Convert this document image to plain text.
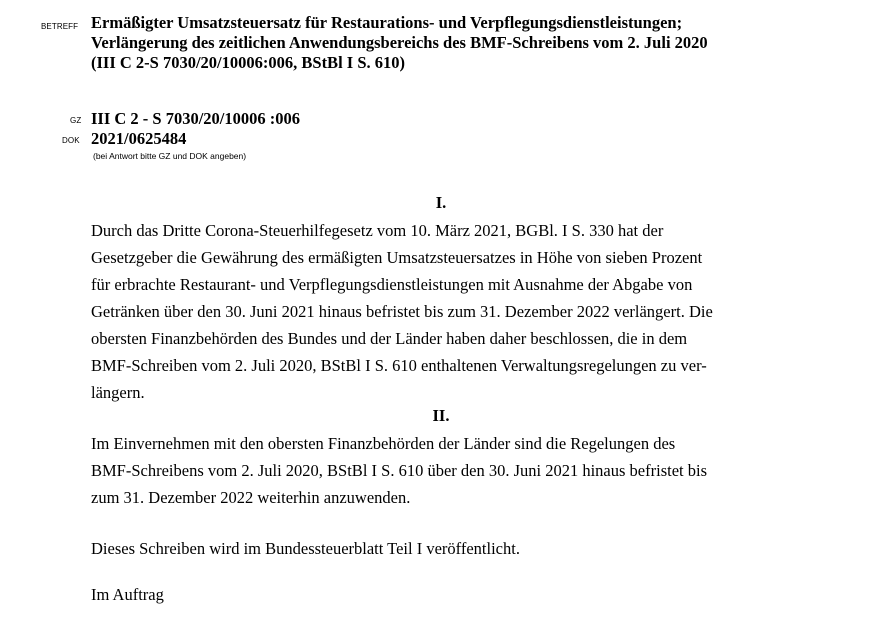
BETREFF Ermäßigter Umsatzsteuersatz für Restaurations- und Verpflegungsdienstleistungen;
Verlängerung des zeitlichen Anwendungsbereichs des BMF-Schreibens vom 2. Juli 2020
(III C 2-S 7030/20/10006:006, BStBl I S. 610)
GZ III C 2 - S 7030/20/10006 :006
DOK 2021/0625484
(bei Antwort bitte GZ und DOK angeben)
I.
Durch das Dritte Corona-Steuerhilfegesetz vom 10. März 2021, BGBl. I S. 330 hat der
Gesetzgeber die Gewährung des ermäßigten Umsatzsteuersatzes in Höhe von sieben Prozent
für erbrachte Restaurant- und Verpflegungsdienstleistungen mit Ausnahme der Abgabe von
Getränken über den 30. Juni 2021 hinaus befristet bis zum 31. Dezember 2022 verlängert. Die
obersten Finanzbehörden des Bundes und der Länder haben daher beschlossen, die in dem
BMF-Schreiben vom 2. Juli 2020, BStBl I S. 610 enthaltenen Verwaltungsregelungen zu ver-
längern.
II.
Im Einvernehmen mit den obersten Finanzbehörden der Länder sind die Regelungen des
BMF-Schreibens vom 2. Juli 2020, BStBl I S. 610 über den 30. Juni 2021 hinaus befristet bis
zum 31. Dezember 2022 weiterhin anzuwenden.
Dieses Schreiben wird im Bundessteuerblatt Teil I veröffentlicht.
Im Auftrag
